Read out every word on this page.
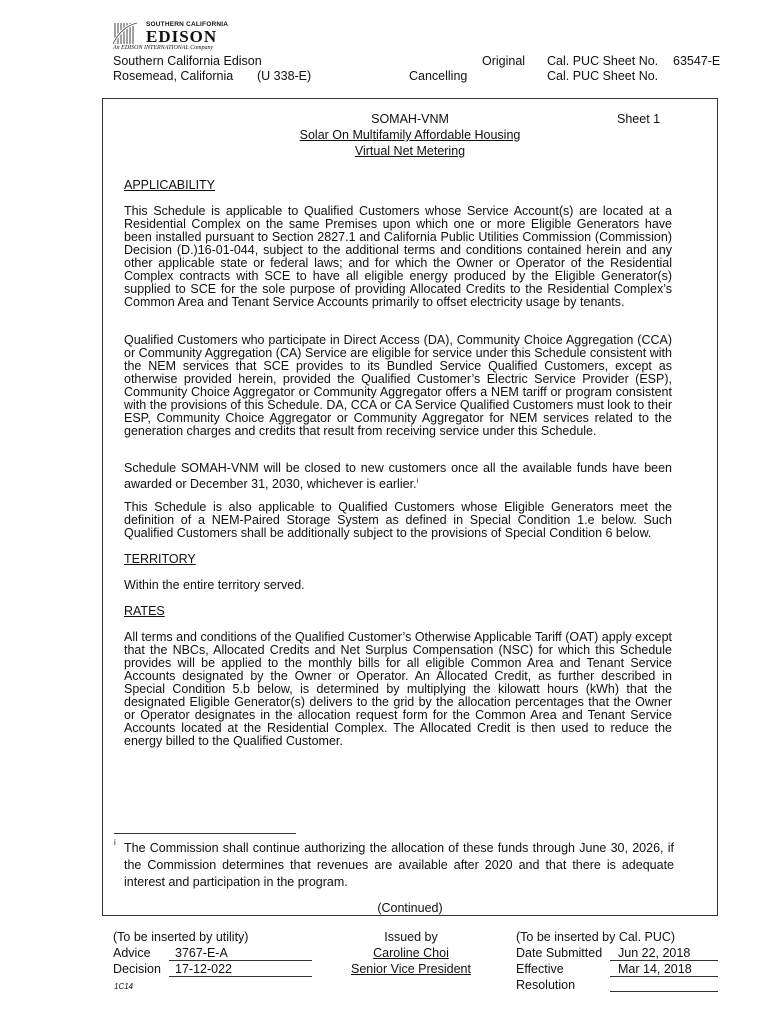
SOUTHERN CALIFORNIA
EDISON
An EDISON INTERNATIONAL Company
Southern California Edison
Rosemead, California (U 338-E)
Original
Cancelling
Cal. PUC Sheet No. 63547-E
Cal. PUC Sheet No.
SOMAH-VNM	Sheet 1
Solar On Multifamily Affordable Housing
Virtual Net Metering
APPLICABILITY
This Schedule is applicable to Qualified Customers whose Service Account(s) are located at a Residential Complex on the same Premises upon which one or more Eligible Generators have been installed pursuant to Section 2827.1 and California Public Utilities Commission (Commission) Decision (D.)16-01-044, subject to the additional terms and conditions contained herein and any other applicable state or federal laws; and for which the Owner or Operator of the Residential Complex contracts with SCE to have all eligible energy produced by the Eligible Generator(s) supplied to SCE for the sole purpose of providing Allocated Credits to the Residential Complex’s Common Area and Tenant Service Accounts primarily to offset electricity usage by tenants.
Qualified Customers who participate in Direct Access (DA), Community Choice Aggregation (CCA) or Community Aggregation (CA) Service are eligible for service under this Schedule consistent with the NEM services that SCE provides to its Bundled Service Qualified Customers, except as otherwise provided herein, provided the Qualified Customer’s Electric Service Provider (ESP), Community Choice Aggregator or Community Aggregator offers a NEM tariff or program consistent with the provisions of this Schedule. DA, CCA or CA Service Qualified Customers must look to their ESP, Community Choice Aggregator or Community Aggregator for NEM services related to the generation charges and credits that result from receiving service under this Schedule.
Schedule SOMAH-VNM will be closed to new customers once all the available funds have been awarded or December 31, 2030, whichever is earlier.$^i$
This Schedule is also applicable to Qualified Customers whose Eligible Generators meet the definition of a NEM-Paired Storage System as defined in Special Condition 1.e below. Such Qualified Customers shall be additionally subject to the provisions of Special Condition 6 below.
TERRITORY
Within the entire territory served.
RATES
All terms and conditions of the Qualified Customer’s Otherwise Applicable Tariff (OAT) apply except that the NBCs, Allocated Credits and Net Surplus Compensation (NSC) for which this Schedule provides will be applied to the monthly bills for all eligible Common Area and Tenant Service Accounts designated by the Owner or Operator. An Allocated Credit, as further described in Special Condition 5.b below, is determined by multiplying the kilowatt hours (kWh) that the designated Eligible Generator(s) delivers to the grid by the allocation percentages that the Owner or Operator designates in the allocation request form for the Common Area and Tenant Service Accounts located at the Residential Complex. The Allocated Credit is then used to reduce the energy billed to the Qualified Customer.
i The Commission shall continue authorizing the allocation of these funds through June 30, 2026, if the Commission determines that revenues are available after 2020 and that there is adequate interest and participation in the program.
(Continued)
(To be inserted by utility)
Advice	3767-E-A
Decision	17-12-022
1C14
Issued by
Caroline Choi
Senior Vice President
(To be inserted by Cal. PUC)
Date Submitted	Jun 22, 2018
Effective	Mar 14, 2018
Resolution
